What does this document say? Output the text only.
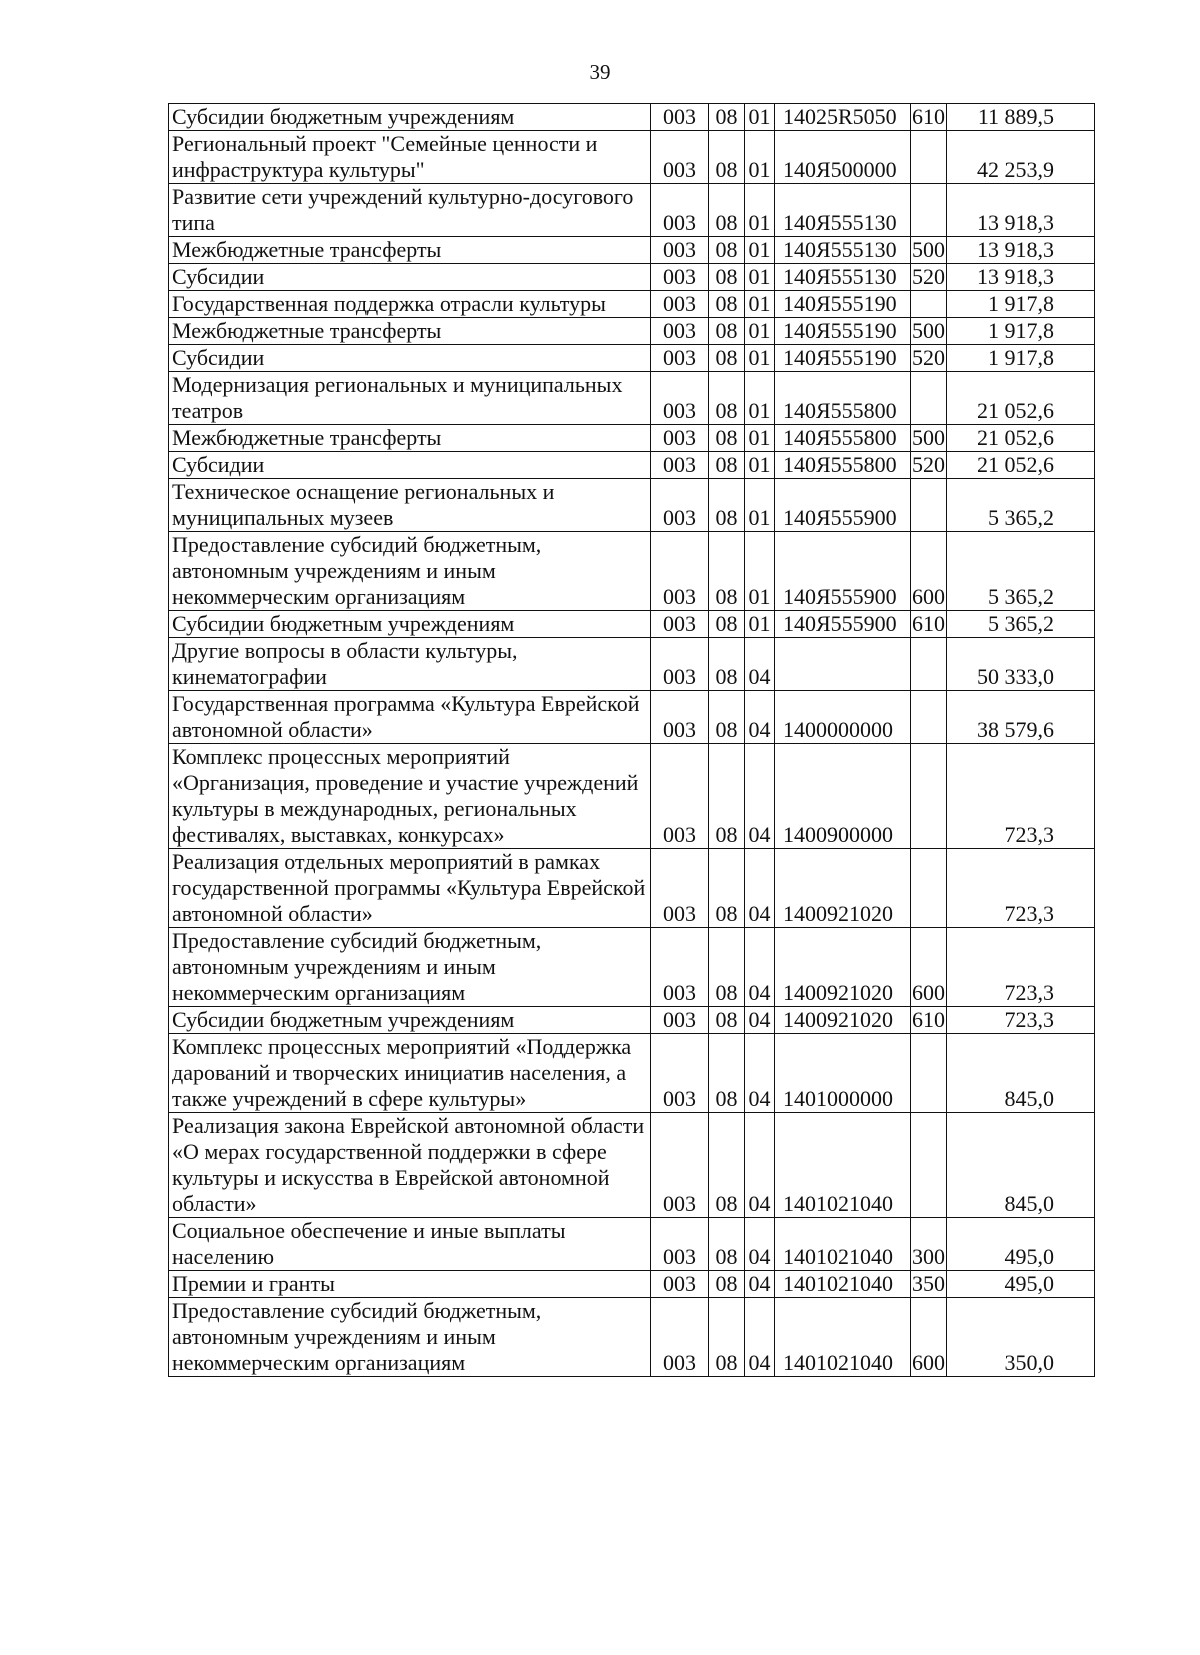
39
Субсидии бюджетным учреждениям	003	08	01	14025R5050	610	11 889,5
Региональный проект "Семейные ценности и инфраструктура культуры"	003	08	01	140Я500000		42 253,9
Развитие сети учреждений культурно-досугового типа	003	08	01	140Я555130		13 918,3
Межбюджетные трансферты	003	08	01	140Я555130	500	13 918,3
Субсидии	003	08	01	140Я555130	520	13 918,3
Государственная поддержка отрасли культуры	003	08	01	140Я555190		1 917,8
Межбюджетные трансферты	003	08	01	140Я555190	500	1 917,8
Субсидии	003	08	01	140Я555190	520	1 917,8
Модернизация региональных и муниципальных театров	003	08	01	140Я555800		21 052,6
Межбюджетные трансферты	003	08	01	140Я555800	500	21 052,6
Субсидии	003	08	01	140Я555800	520	21 052,6
Техническое оснащение региональных и муниципальных музеев	003	08	01	140Я555900		5 365,2
Предоставление субсидий бюджетным, автономным учреждениям и иным некоммерческим организациям	003	08	01	140Я555900	600	5 365,2
Субсидии бюджетным учреждениям	003	08	01	140Я555900	610	5 365,2
Другие вопросы в области культуры, кинематографии	003	08	04			50 333,0
Государственная программа «Культура Еврейской автономной области»	003	08	04	1400000000		38 579,6
Комплекс процессных мероприятий «Организация, проведение и участие учреждений культуры в международных, региональных фестивалях, выставках, конкурсах»	003	08	04	1400900000		723,3
Реализация отдельных мероприятий в рамках государственной программы «Культура Еврейской автономной области»	003	08	04	1400921020		723,3
Предоставление субсидий бюджетным, автономным учреждениям и иным некоммерческим организациям	003	08	04	1400921020	600	723,3
Субсидии бюджетным учреждениям	003	08	04	1400921020	610	723,3
Комплекс процессных мероприятий «Поддержка дарований и творческих инициатив населения, а также учреждений в сфере культуры»	003	08	04	1401000000		845,0
Реализация закона Еврейской автономной области «О мерах государственной поддержки в сфере культуры и искусства в Еврейской автономной области»	003	08	04	1401021040		845,0
Социальное обеспечение и иные выплаты населению	003	08	04	1401021040	300	495,0
Премии и гранты	003	08	04	1401021040	350	495,0
Предоставление субсидий бюджетным, автономным учреждениям и иным некоммерческим организациям	003	08	04	1401021040	600	350,0
